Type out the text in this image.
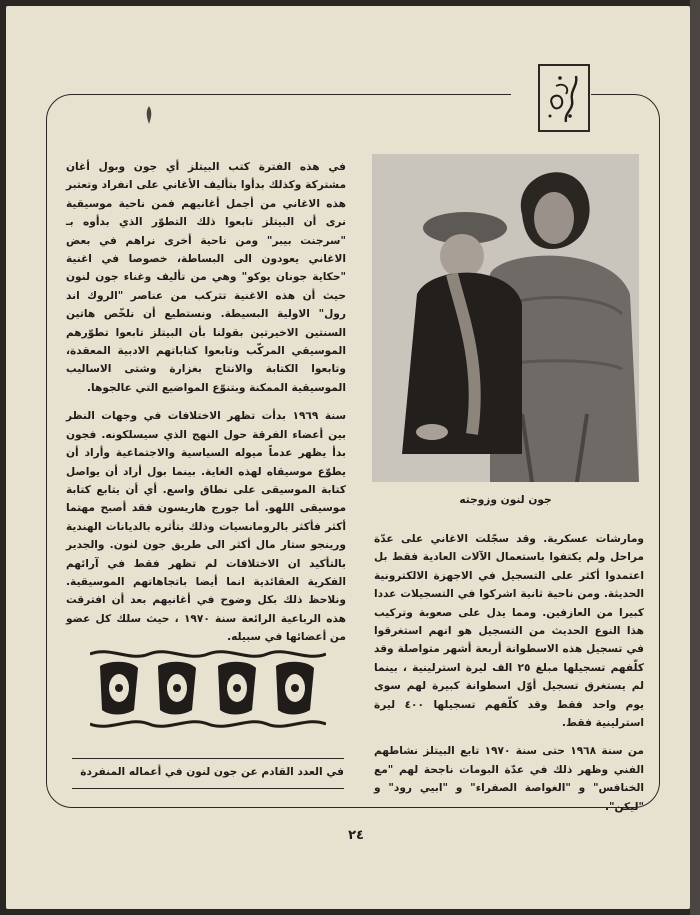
في هذه الفترة كتب البيتلز أي جون وبول أغان مشتركة وكذلك بدأوا بتأليف الأغاني على انفراد وتعتبر هذه الاغاني من أجمل أغانيهم فمن ناحية موسيقية نرى أن البيتلز تابعوا ذلك التطوّر الذي بدأوه بـ "سرجنت بيبر" ومن ناحية أخرى نراهم في بعض الاغاني يعودون الى البساطة، خصوصا في اغنية "حكاية جونان يوكو" وهي من تأليف وغناء جون لنون حيث أن هذه الاغنية تتركب من عناصر "الروك اند رول" الاولية البسيطة. ونستطيع أن نلخّص هاتين السنتين الاخيرتين بقولنا بأن البيتلز تابعوا تطوّرهم الموسيقي المركّب وتابعوا كتاباتهم الادبية المعقدة، وتابعوا الكتابة والانتاج بغزارة وشتى الاساليب الموسيقية الممكنة وبتنوّع المواضيع التي عالجوها.

سنة ١٩٦٩ بدأت تظهر الاختلافات في وجهات النظر بين أعضاء الفرقة حول النهج الذي سيسلكونه. فجون بدأ يظهر عدماً ميوله السياسية والاجتماعية وأراد أن يطوّع موسيقاه لهذه الغاية. بينما بول أراد أن يواصل كتابة الموسيقى على نطاق واسع. أي أن يتابع كتابة موسيقى اللهو. أما جورج هاريسون فقد أصبح مهتما أكثر فأكثر بالرومانسيات وذلك بتأثره بالديانات الهندية ورينجو ستار مال أكثر الى طريق جون لنون. والجدير بالتأكيد ان الاختلافات لم تظهر فقط في آرائهم الفكرية العقائدية انما أيضا باتجاهاتهم الموسيقية. ونلاحظ ذلك بكل وضوح في أغانيهم بعد أن افترقت هذه الرباعية الرائعة سنة ١٩٧٠ ، حيث سلك كل عضو من أعضائها في سبيله.

جون لنون وزوجته

ومارشات عسكرية. وقد سجّلت الاغاني على عدّة مراحل ولم يكتفوا باستعمال الآلات العادية فقط بل اعتمدوا أكثر على التسجيل في الاجهزة الالكترونية الحديثة. ومن ناحية ثانية اشركوا في التسجيلات عددا كبيرا من العازفين. ومما يدل على صعوبة وتركيب هذا النوع الحديث من التسجيل هو انهم استغرقوا في تسجيل هذه الاسطوانة أربعة أشهر متواصلة وقد كلّفهم تسجيلها مبلغ ٢٥ الف ليرة استرلينية ، بينما لم يستغرق تسجيل أوّل اسطوانة كبيرة لهم سوى يوم واحد فقط وقد كلّفهم تسجيلها ٤٠٠ ليرة استرلينية فقط.

من سنة ١٩٦٨ حتى سنة ١٩٧٠ تابع البيتلز نشاطهم الفني وظهر ذلك في عدّة البومات ناجحة لهم "مع الخنافس" و "الغواصة الصفراء" و "ابيي رود" و "ليكن".

في العدد القادم عن جون لنون في أعماله المنفردة
٢٤
